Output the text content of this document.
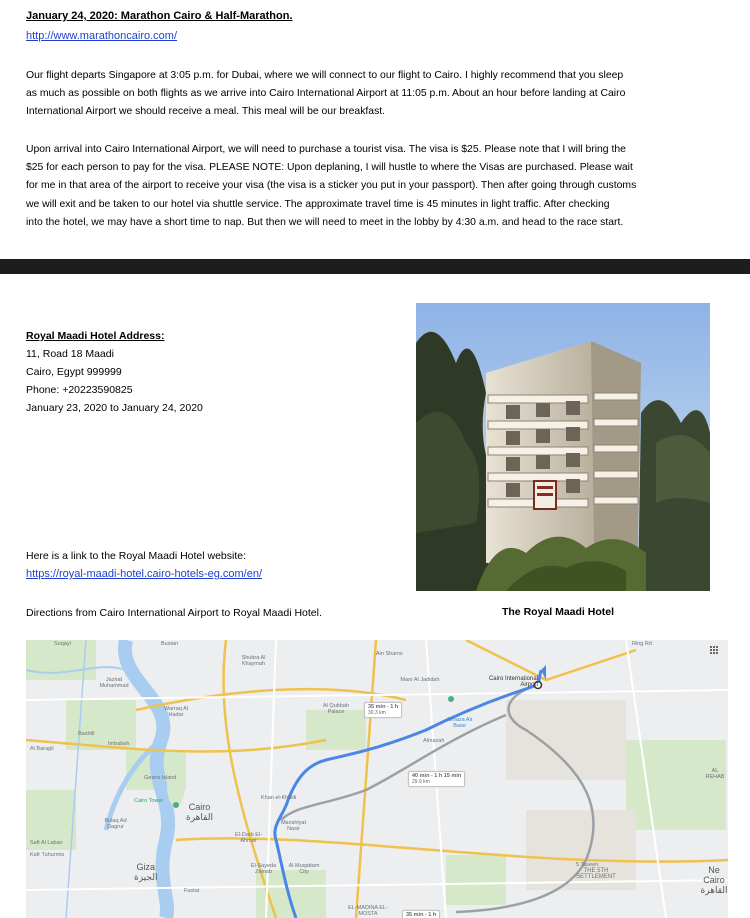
January 24, 2020: Marathon Cairo & Half-Marathon.
http://www.marathoncairo.com/
Our flight departs Singapore at 3:05 p.m. for Dubai, where we will connect to our flight to Cairo. I highly recommend that you sleep
as much as possible on both flights as we arrive into Cairo International Airport at 11:05 p.m. About an hour before landing at Cairo
International Airport we should receive a meal. This meal will be our breakfast.
Upon arrival into Cairo International Airport, we will need to purchase a tourist visa. The visa is $25. Please note that I will bring the
$25 for each person to pay for the visa. PLEASE NOTE: Upon deplaning, I will hustle to where the Visas are purchased. Please wait
for me in that area of the airport to receive your visa (the visa is a sticker you put in your passport). Then after going through customs
we will exit and be taken to our hotel via shuttle service. The approximate travel time is 45 minutes in light traffic. After checking
into the hotel, we may have a short time to nap. But then we will need to meet in the lobby by 4:30 a.m. and head to the race start.
Royal Maadi Hotel Address:
11, Road 18 Maadi
Cairo, Egypt 999999
Phone: +20223590825
January 23, 2020 to January 24, 2020
Here is a link to the Royal Maadi Hotel website:
https://royal-maadi-hotel.cairo-hotels-eg.com/en/
Directions from Cairo International Airport to Royal Maadi Hotel.	The Royal Maadi Hotel
Suqayl	Bustan
Shubra Al Khaymah
Ain Shams
Ring Rd
Jazirat Muhammad
Warraq Al Hadar
Al Qubbah Palace
Masr Al Jadidah
Almaza Air Base
Almazah
Bashtil
Imbabah
Al Baragil
Gezira Island
Cairo Tower	Khan el-Khalili
AL REHAB
Bulaq Ad Dagrur
Manshiyat Nasir
El-Darb El-Ahmar
Saft Al Laban
Kafr Tuhurmis
El-Sayeda Zeinab
Al Muqattam City	THE 5TH SETTLEMENT
5 Taseen
Fustat
EL-MADINA EL-MOSTA
Cairo
القاهرة
Giza
الجيزة
Ne Cairo
القاهرة
Cairo International Airport
35 min - 1 h
30.3 km
40 min - 1 h 15 min
29.9 km
35 min - 1 h
